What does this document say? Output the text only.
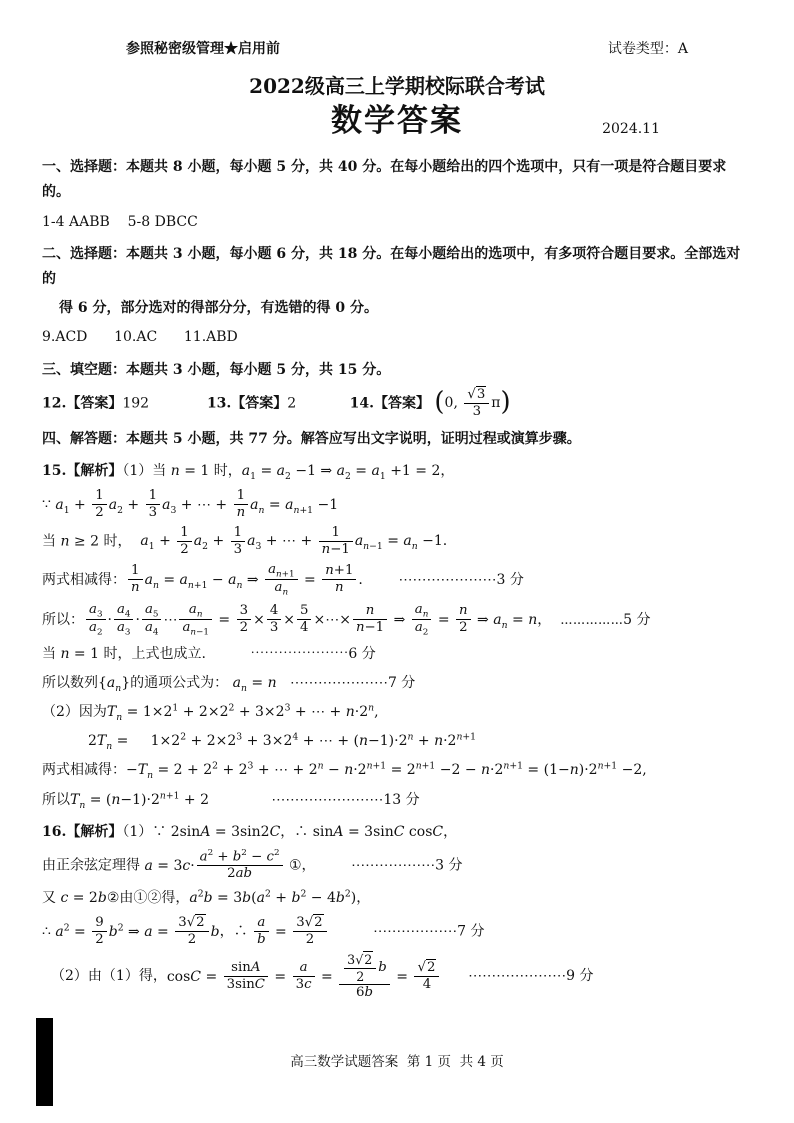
参照秘密级管理★启用前	试卷类型：A
2022级高三上学期校际联合考试
数学答案	2024.11
一、选择题：本题共 8 小题，每小题 5 分，共 40 分。在每小题给出的四个选项中，只有一项是符合题目要求的。
1-4 AABB    5-8 DBCC
二、选择题：本题共 3 小题，每小题 6 分，共 18 分。在每小题给出的选项中，有多项符合题目要求。全部选对的
得 6 分，部分选对的得部分分，有选错的得 0 分。
9.ACD      10.AC      11.ABD
三、填空题：本题共 3 小题，每小题 5 分，共 15 分。
12.【答案】192             13.【答案】2            14.【答案】 (0, $\frac{√3}{3} \pi$)
四、解答题：本题共 5 小题，共 77 分。解答应写出文字说明，证明过程或演算步骤。
15.【解析】（1）当 n = 1 时，$a_1 = a_2 -1$ ⇒ $a_2 = a_1 +1 = 2$，
∵ $a_1 + \frac{1}{2} a_2 + \frac{1}{3} a_3$ + ⋯ + $\frac{1}{n} a_n = a_{n+1} -1$
当 n ≥ 2 时，  $a_1 + \frac{1}{2} a_2 + \frac{1}{3} a_3$ + ⋯ + $\frac{1}{n-1} a_{n-1} = a_n -1$.
两式相减得： $\frac{1}{n} a_n = a_{n+1} - a_n$ ⇒ $\frac{a_{n+1}}{a_n} = \frac{n+1}{n}$ .        ⋯⋯⋯⋯⋯⋯⋯3 分
所以： $\frac{a_3}{a_2} \cdot \frac{a_4}{a_3} \cdot \frac{a_5}{a_4}$ ⋯ $\frac{a_n}{a_{n-1}} = \frac{3}{2} \times \frac{4}{3} \times \frac{5}{4}$ ×⋯× $\frac{n}{n-1}$ ⇒ $\frac{a_n}{a_2} = \frac{n}{2}$ ⇒ $a_n = n$，  ⋯⋯⋯⋯⋯5 分
当 n = 1 时，上式也成立.          ⋯⋯⋯⋯⋯⋯⋯6 分
所以数列$\{a_n\}$的通项公式为： $a_n = n$   ⋯⋯⋯⋯⋯⋯⋯7 分
（2）因为$T_n = 1\times 2^1 + 2\times 2^2 + 3\times 2^3$ + ⋯ + $n\cdot 2^n$,
$2T_n$ =     $1\times 2^2 + 2\times 2^3 + 3\times 2^4$ + ⋯ + $(n-1)\cdot 2^n + n\cdot 2^{n+1}$
两式相减得：$-T_n = 2 + 2^2 + 2^3$ + ⋯ + $2^n - n\cdot 2^{n+1} = 2^{n+1} -2 - n\cdot 2^{n+1} = (1-n)\cdot 2^{n+1} -2$,
所以$T_n = (n-1)\cdot 2^{n+1} + 2$              ⋯⋯⋯⋯⋯⋯⋯⋯13 分
16.【解析】（1）∵ 2sinA = 3sin2C，∴ sinA = 3sinC cosC，
由正余弦定理得 $a = 3c\cdot \frac{a^2 + b^2 - c^2}{2ab}$ ①，        ⋯⋯⋯⋯⋯⋯3 分
又 c = 2b②由①②得，$a^2b = 3b(a^2 + b^2 - 4b^2)$，
∴ $a^2 = \frac{9}{2} b^2$ ⇒ $a = \frac{3√2}{2}$ b，∴ $\frac{a}{b} = \frac{3√2}{2}$ ⋯⋯⋯⋯⋯⋯7 分
（2）由（1）得，$\cos C = \frac{\sin A}{3\sin C} = \frac{a}{3c} = \frac{\frac{3√2}{2} b}{6b} = \frac{√2}{4}$ ⋯⋯⋯⋯⋯⋯⋯9 分
高三数学试题答案  第 1 页  共 4 页
